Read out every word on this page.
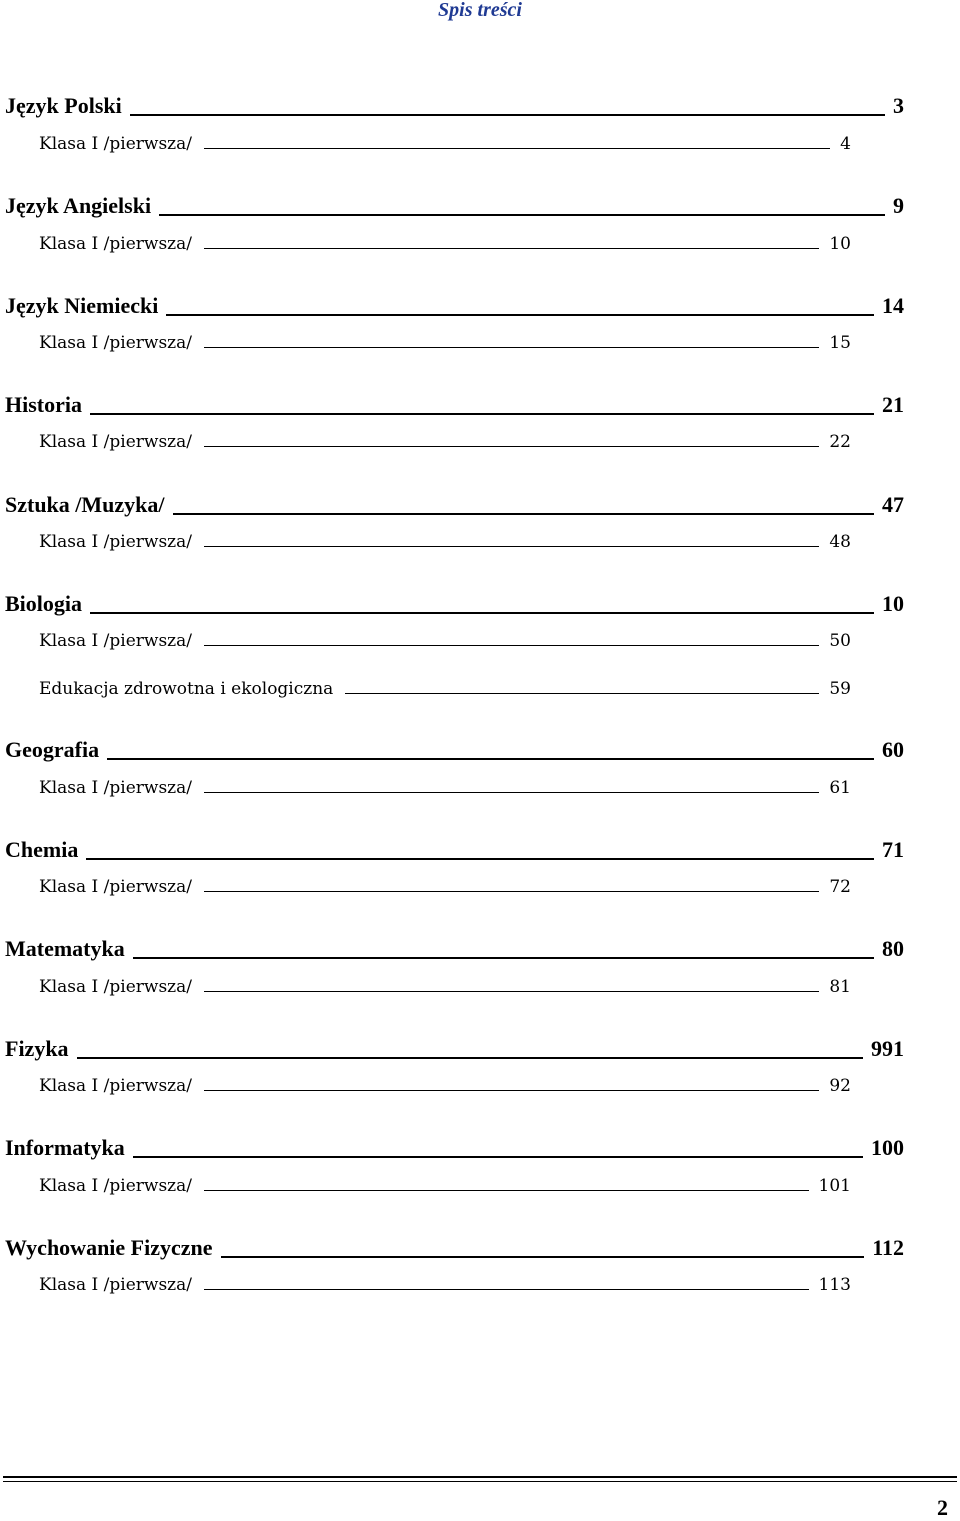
Spis treści
Język Polski	3
Klasa I /pierwsza/	4
Język Angielski	9
Klasa I /pierwsza/	10
Język Niemiecki	14
Klasa I /pierwsza/	15
Historia	21
Klasa I /pierwsza/	22
Sztuka /Muzyka/	47
Klasa I /pierwsza/	48
Biologia	10
Klasa I /pierwsza/	50
Edukacja zdrowotna i ekologiczna	59
Geografia	60
Klasa I /pierwsza/	61
Chemia	71
Klasa I /pierwsza/	72
Matematyka	80
Klasa I /pierwsza/	81
Fizyka	991
Klasa I /pierwsza/	92
Informatyka	100
Klasa I /pierwsza/	101
Wychowanie Fizyczne	112
Klasa I /pierwsza/	113
2
